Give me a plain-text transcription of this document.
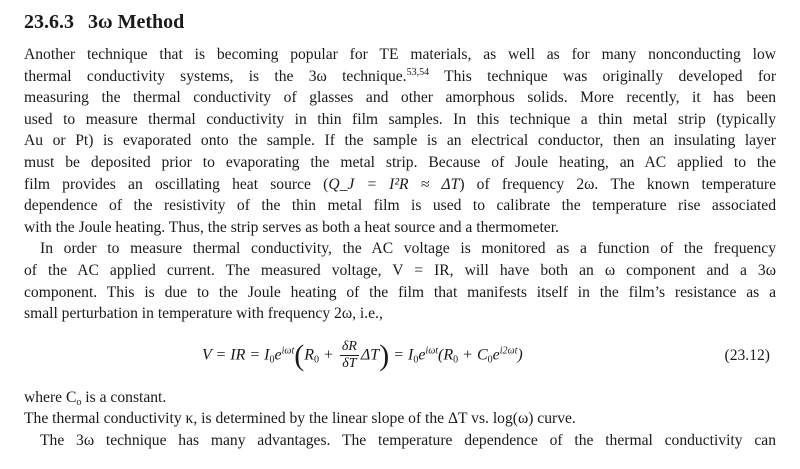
23.6.3 3ω Method
Another technique that is becoming popular for TE materials, as well as for many nonconducting low
thermal conductivity systems, is the 3ω technique.$^{53,54}$ This technique was originally developed for
measuring the thermal conductivity of glasses and other amorphous solids. More recently, it has been
used to measure thermal conductivity in thin film samples. In this technique a thin metal strip (typically
Au or Pt) is evaporated onto the sample. If the sample is an electrical conductor, then an insulating layer
must be deposited prior to evaporating the metal strip. Because of Joule heating, an AC applied to the
film provides an oscillating heat source (Q_J = I²R ≈ ΔT) of frequency 2ω. The known temperature
dependence of the resistivity of the thin metal film is used to calibrate the temperature rise associated
with the Joule heating. Thus, the strip serves as both a heat source and a thermometer.
In order to measure thermal conductivity, the AC voltage is monitored as a function of the frequency
of the AC applied current. The measured voltage, V = IR, will have both an ω component and a 3ω
component. This is due to the Joule heating of the film that manifests itself in the film’s resistance as a
small perturbation in temperature with frequency 2ω, i.e.,
V = IR = $I_0e^{i\omega t}(R_0 + \frac{\delta R}{\delta T} \Delta T) = I_0e^{i\omega t}(R_0 + C_0e^{i2\omega t})$	(23.12)
where $C_o$ is a constant.
The thermal conductivity κ, is determined by the linear slope of the ΔT vs. log(ω) curve.
The 3ω technique has many advantages. The temperature dependence of the thermal conductivity can
